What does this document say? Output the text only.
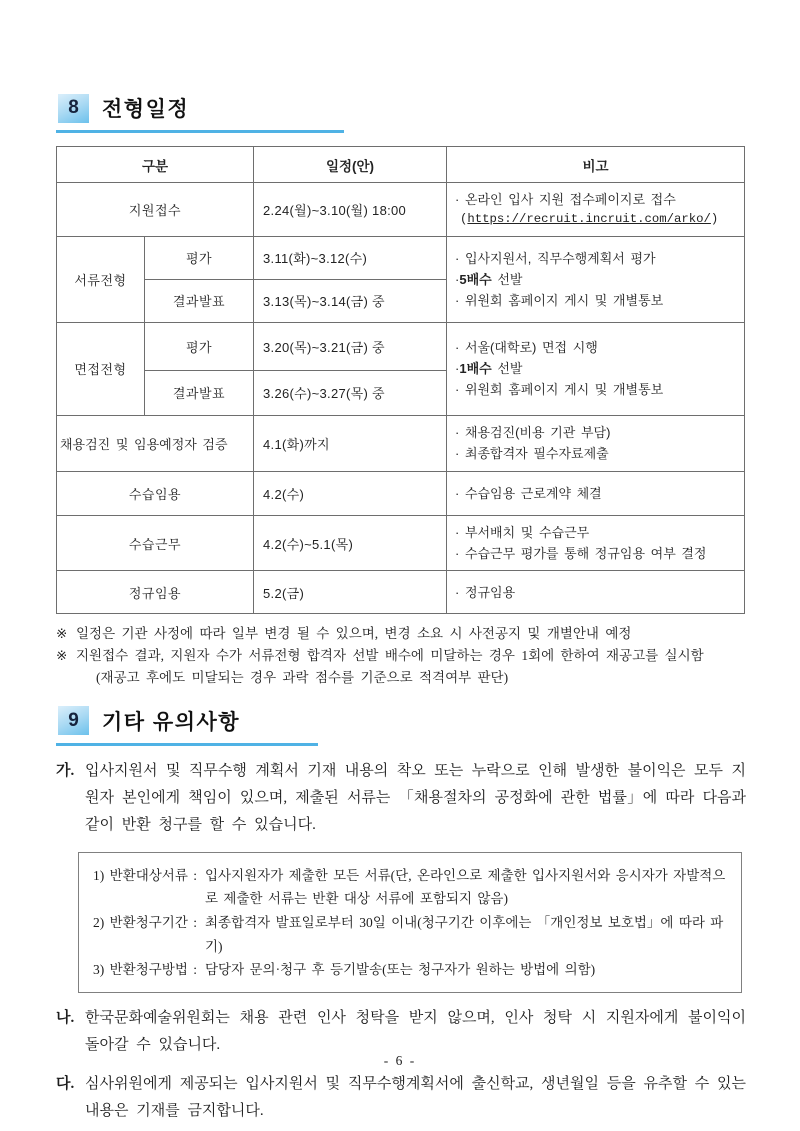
8	전형일정
구분		일정(안)	비고
지원접수		2.24(월)~3.10(월) 18:00	· 온라인 입사 지원 접수페이지로 접수
(https://recruit.incruit.com/arko/)

서류전형	평가	3.11(화)~3.12(수)	· 입사지원서, 직무수행계획서 평가
·5배수 선발
· 위원회 홈페이지 게시 및 개별통보

	결과발표	3.13(목)~3.14(금) 중	
면접전형	평가	3.20(목)~3.21(금) 중	· 서울(대학로) 면접 시행
·1배수 선발
· 위원회 홈페이지 게시 및 개별통보

	결과발표	3.26(수)~3.27(목) 중	
채용검진 및 임용예정자 검증		4.1(화)까지	· 채용검진(비용 기관 부담)
· 최종합격자 필수자료제출

수습임용		4.2(수)	· 수습임용 근로계약 체결

수습근무		4.2(수)~5.1(목)	· 부서배치 및 수습근무
· 수습근무 평가를 통해 정규임용 여부 결정

정규임용		5.2(금)	· 정규임용
※ 일정은 기관 사정에 따라 일부 변경 될 수 있으며, 변경 소요 시 사전공지 및 개별안내 예정
※ 지원접수 결과, 지원자 수가 서류전형 합격자 선발 배수에 미달하는 경우 1회에 한하여 재공고를 실시함
(재공고 후에도 미달되는 경우 과락 점수를 기준으로 적격여부 판단)
9	기타 유의사항
가. 입사지원서 및 직무수행 계획서 기재 내용의 착오 또는 누락으로 인해 발생한 불이익은 모두 지원자 본인에게 책임이 있으며, 제출된 서류는 「채용절차의 공정화에 관한 법률」에 따라 다음과 같이 반환 청구를 할 수 있습니다.
1) 반환대상서류 : 입사지원자가 제출한 모든 서류(단, 온라인으로 제출한 입사지원서와 응시자가 자발적으로 제출한 서류는 반환 대상 서류에 포함되지 않음)
2) 반환청구기간 : 최종합격자 발표일로부터 30일 이내(청구기간 이후에는 「개인정보 보호법」에 따라 파기)
3) 반환청구방법 : 담당자 문의·청구 후 등기발송(또는 청구자가 원하는 방법에 의함)
나. 한국문화예술위원회는 채용 관련 인사 청탁을 받지 않으며, 인사 청탁 시 지원자에게 불이익이 돌아갈 수 있습니다.
다. 심사위원에게 제공되는 입사지원서 및 직무수행계획서에 출신학교, 생년월일 등을 유추할 수 있는 내용은 기재를 금지합니다.
- 6 -
